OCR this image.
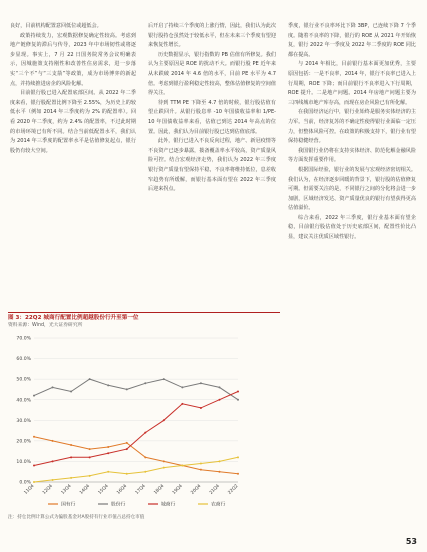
良好，目前机构配置意回低位或超低会。

政策持续发力，宏观数据修复确定性较高。考虑到地产链修复的滞后与传导，2023 年中市场韧性或将逐步显现。事实上，7 月 22 日国务院常务会议明确表示，因城施策支持刚性和改善性住房需求，进一步落实“三个不”与“三支箭”等政策，成为市场博弈的新起点，并持续推进房企的风险化解。

目前银行股已进入配置底部区间。从 2022 年二季度来看，银行股配置比例下降至 2.55%，为历史上的较低水平（例如 2014 年三季度约为 2% 的配置率）。回看 2020 年二季度，约为 2.4% 的配置率，不过此时期的市场环境已有所不同。结合当前低配置水平，我们认为 2014 年三季度的配置率水平是估值修复起点，银行股仍有较大空间。

后开启了持续三个季度的上涨行情，因此，我们认为此次银行股持仓虽然处于较低水平，但在未来三个季度有望迎来恢复性增长。

历史数据显示，银行指数的 PB 估值有所修复。我们认为主要原因是 ROE 的扰动不大。而银行股 PE 近年来从未跌破 2014 年 4.6 倍的水平，目前 PE 水平为 4.7 倍。考虑到银行盈利稳定性较高，整体估值修复的空间值得关注。

待到 TTM PE 下降至 4.7 倍的时候，银行股估值有望止跌回升。从银行股息率 -10 年国债收益率和 1/PE-10 年国债收益率来看，估值已到达 2014 年高点的位置。因此，我们认为目前银行股已达到估值底部。

此外，银行已进入不良反向过程，地产、新冠疫情等不良资产已逐步暴露，拨备覆盖率水平较高，资产质量风险可控。结合宏观经济走势，我们认为 2022 年三季度银行资产质量有望保持平稳，不良率将维持低位，息差收窄趋势有所缓解，而银行基本面有望在 2022 年三季度后迎来拐点。

季度，银行业不良率环比下降 3BP，已连续下降 7 个季度。随着不良率的下降，银行的 ROE 从 2021 年开始恢复，银行 2022 年一季度及 2022 年二季度的 ROE 同比都在提高。

与 2014 年相比，目前银行基本面更加优秀，主要原因包括：一是不良率，2014 年，银行不良率已进入上行周期，ROE 下降；而目前银行不良率进入下行周期，ROE 提升。二是地产问题。2014 年房地产问题主要为三四线城市地产库存高，而现在房企风险已有所化解。

在我国经济运行中，银行业始终是服务实体经济的主力军。当前，经济复苏的不确定性使得银行业面临一定压力，但整体风险可控。在政策的积极支持下，银行业有望保持稳健经营。

我国银行业仍将在支持实体经济、防范化解金融风险等方面发挥重要作用。

根据国际经验，银行业的发展与宏观经济密切相关。我们认为，在经济逐步回暖的背景下，银行股的估值修复可期。但需要关注的是，不同银行之间的分化将会进一步加剧，区域经济发达、资产质量优良的银行有望获得更高估值溢价。

综合来看，2022 年三季度，银行业基本面有望企稳，目前银行股估值处于历史底部区间，配置性价比凸显，建议关注优质区域性银行。

图 3：22Q2 城商行配置比例超越股份行升至第一位
资料来源：Wind，光大证券研究所
0.0%
10.0%
20.0%
30.0%
40.0%
50.0%
60.0%
70.0%
11Q4 12Q4 13Q4 14Q4 15Q4 16Q4 17Q4 18Q4 19Q4 20Q4 21Q4 22Q2
国有行	股份行	城商行	农商行
注：持仓比例计算公式为偏股基金对A股持有行业市值占总持仓市值
53
